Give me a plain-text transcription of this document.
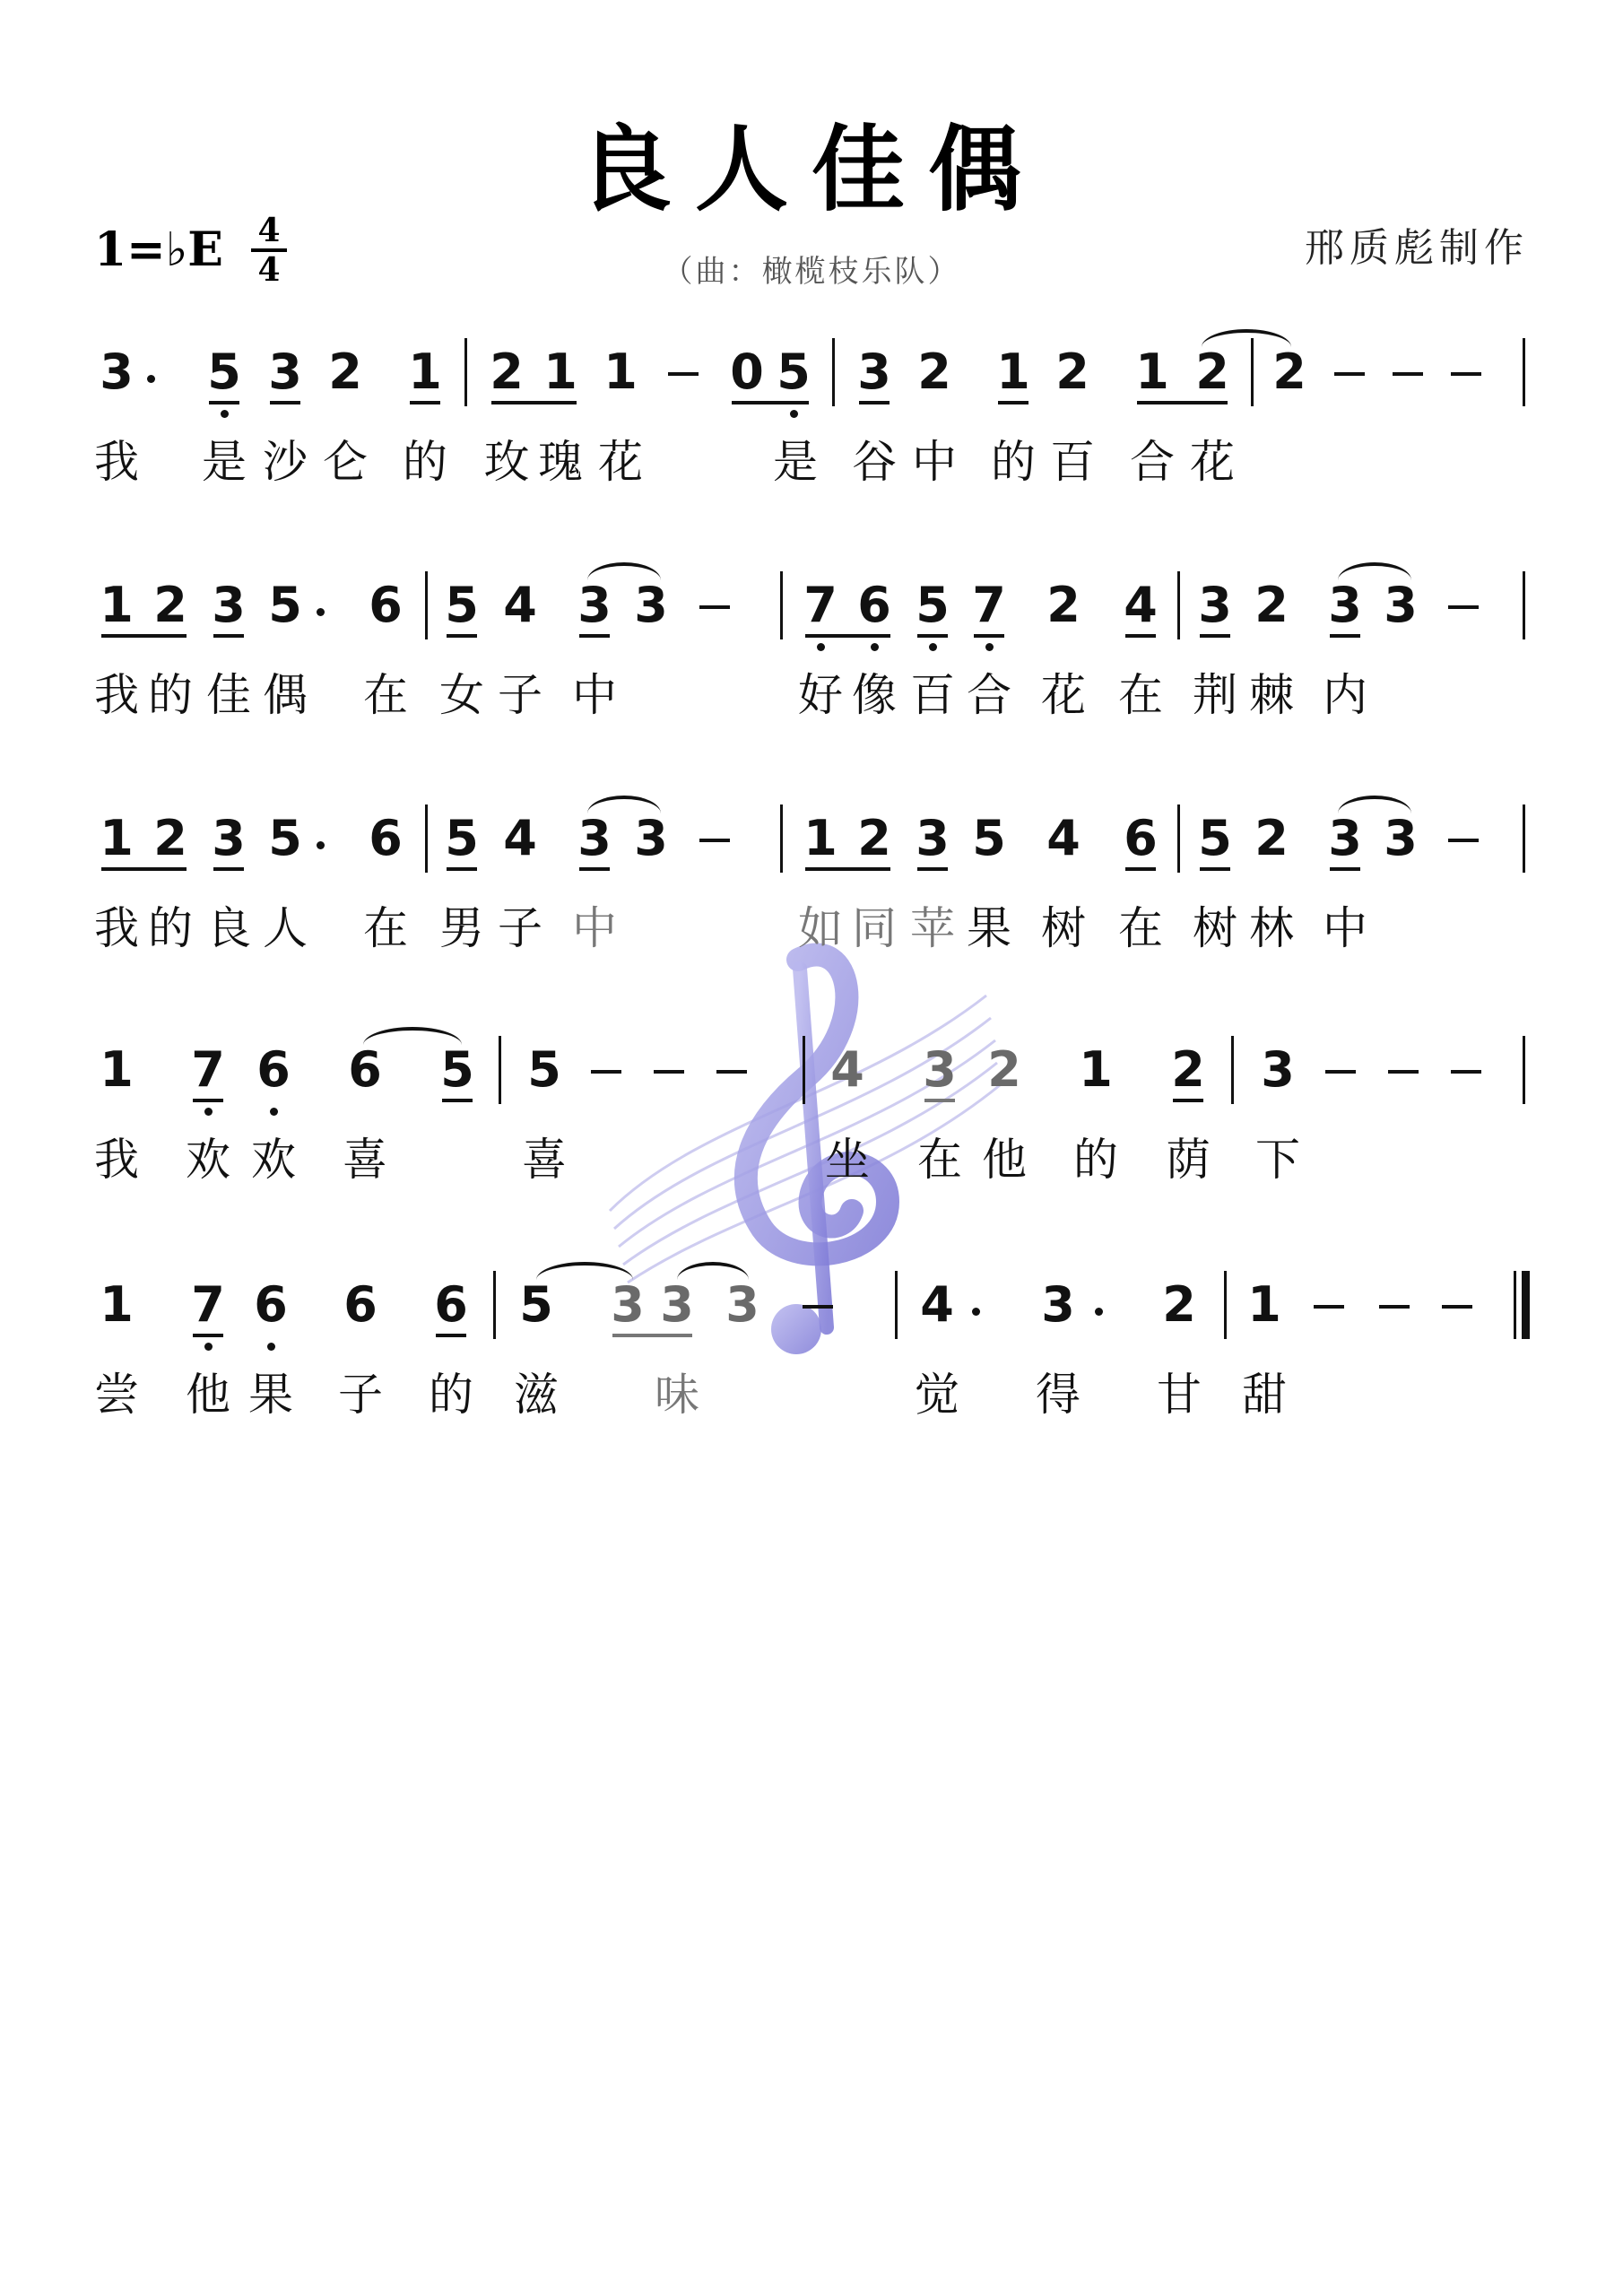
良人佳偶
1=♭E 4
4	（曲：橄榄枝乐队）
邢质彪制作
3 5 3 2 1 2 1 1 0 5 3 2 1 2 1 2 2
我 是 沙 仑 的 玫 瑰 花	是 谷 中 的 百 合 花
1 2 3 5 6 5 4 3 3	7 6 5 7 2 4 3 2 3 3
我 的 佳 偶 在 女 子 中	好 像 百 合 花 在 荆 棘 内
1 2 3 5 6 5 4 3 3	1 2 3 5 4 6 5 2 3 3
我 的 良 人 在 男 子 中	如 同 苹 果 树 在 树 林 中
1 7 6 6 5 5	4 3 2 1 2 3
我 欢 欢 喜	喜	坐 在 他 的 荫 下
1 7 6 6 6 5 3 3 3	4 3 2 1
尝 他 果 子 的 滋 味	觉 得 甘 甜
